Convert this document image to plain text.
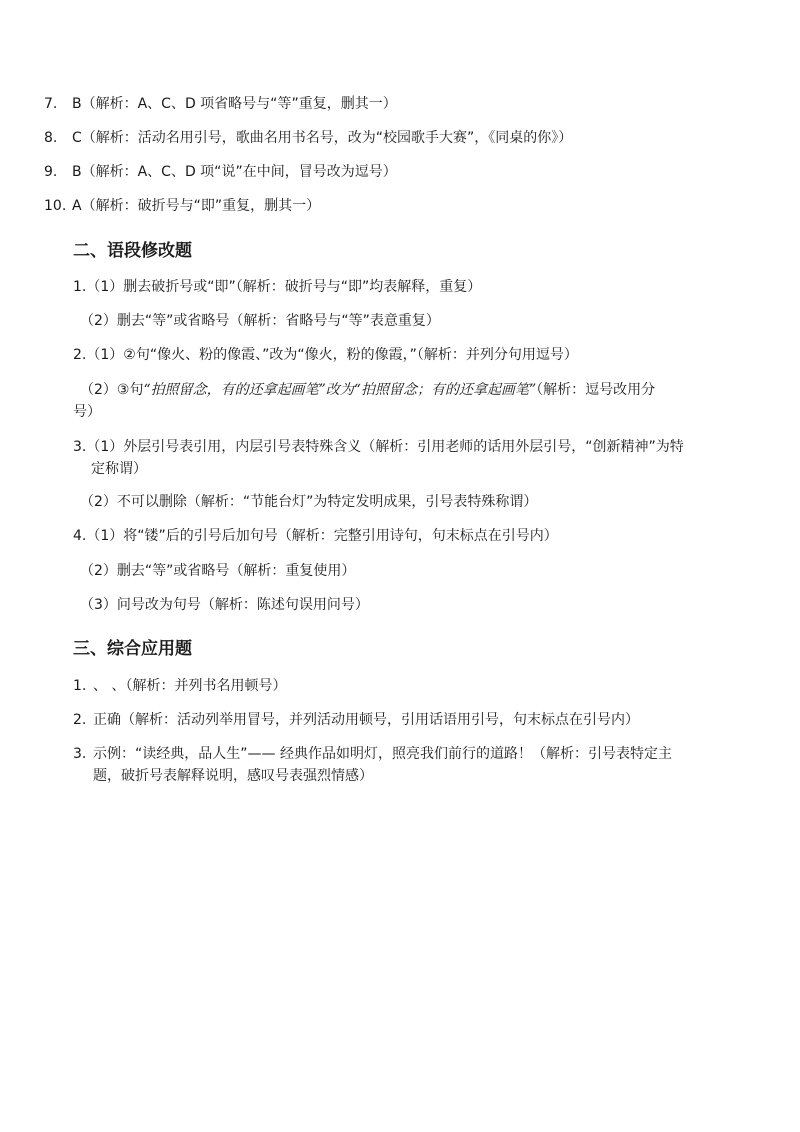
7. B（解析：A、C、D 项省略号与“等”重复，删其一）
8. C（解析：活动名用引号，歌曲名用书名号，改为“校园歌手大赛”，《同桌的你》）
9. B（解析：A、C、D 项“说”在中间，冒号改为逗号）
10. A（解析：破折号与“即”重复，删其一）
二、语段修改题
1.（1）删去破折号或“即”（解析：破折号与“即”均表解释，重复）
（2）删去“等”或省略号（解析：省略号与“等”表意重复）
2.（1）②句“像火、粉的像霞、”改为“像火，粉的像霞，”（解析：并列分句用逗号）
（2）③句“拍照留念，有的还拿起画笔”改为“拍照留念；有的还拿起画笔”（解析：逗号改用分
号）
3.（1）外层引号表引用，内层引号表特殊含义（解析：引用老师的话用外层引号，“创新精神”为特
定称谓）
（2）不可以删除（解析：“节能台灯”为特定发明成果，引号表特殊称谓）
4.（1）将“镂”后的引号后加句号（解析：完整引用诗句，句末标点在引号内）
（2）删去“等”或省略号（解析：重复使用）
（3）问号改为句号（解析：陈述句误用问号）
三、综合应用题
1. 、 、（解析：并列书名用顿号）
2. 正确（解析：活动列举用冒号，并列活动用顿号，引用话语用引号，句末标点在引号内）
3. 示例：“读经典，品人生”—— 经典作品如明灯，照亮我们前行的道路！（解析：引号表特定主
题，破折号表解释说明，感叹号表强烈情感）
